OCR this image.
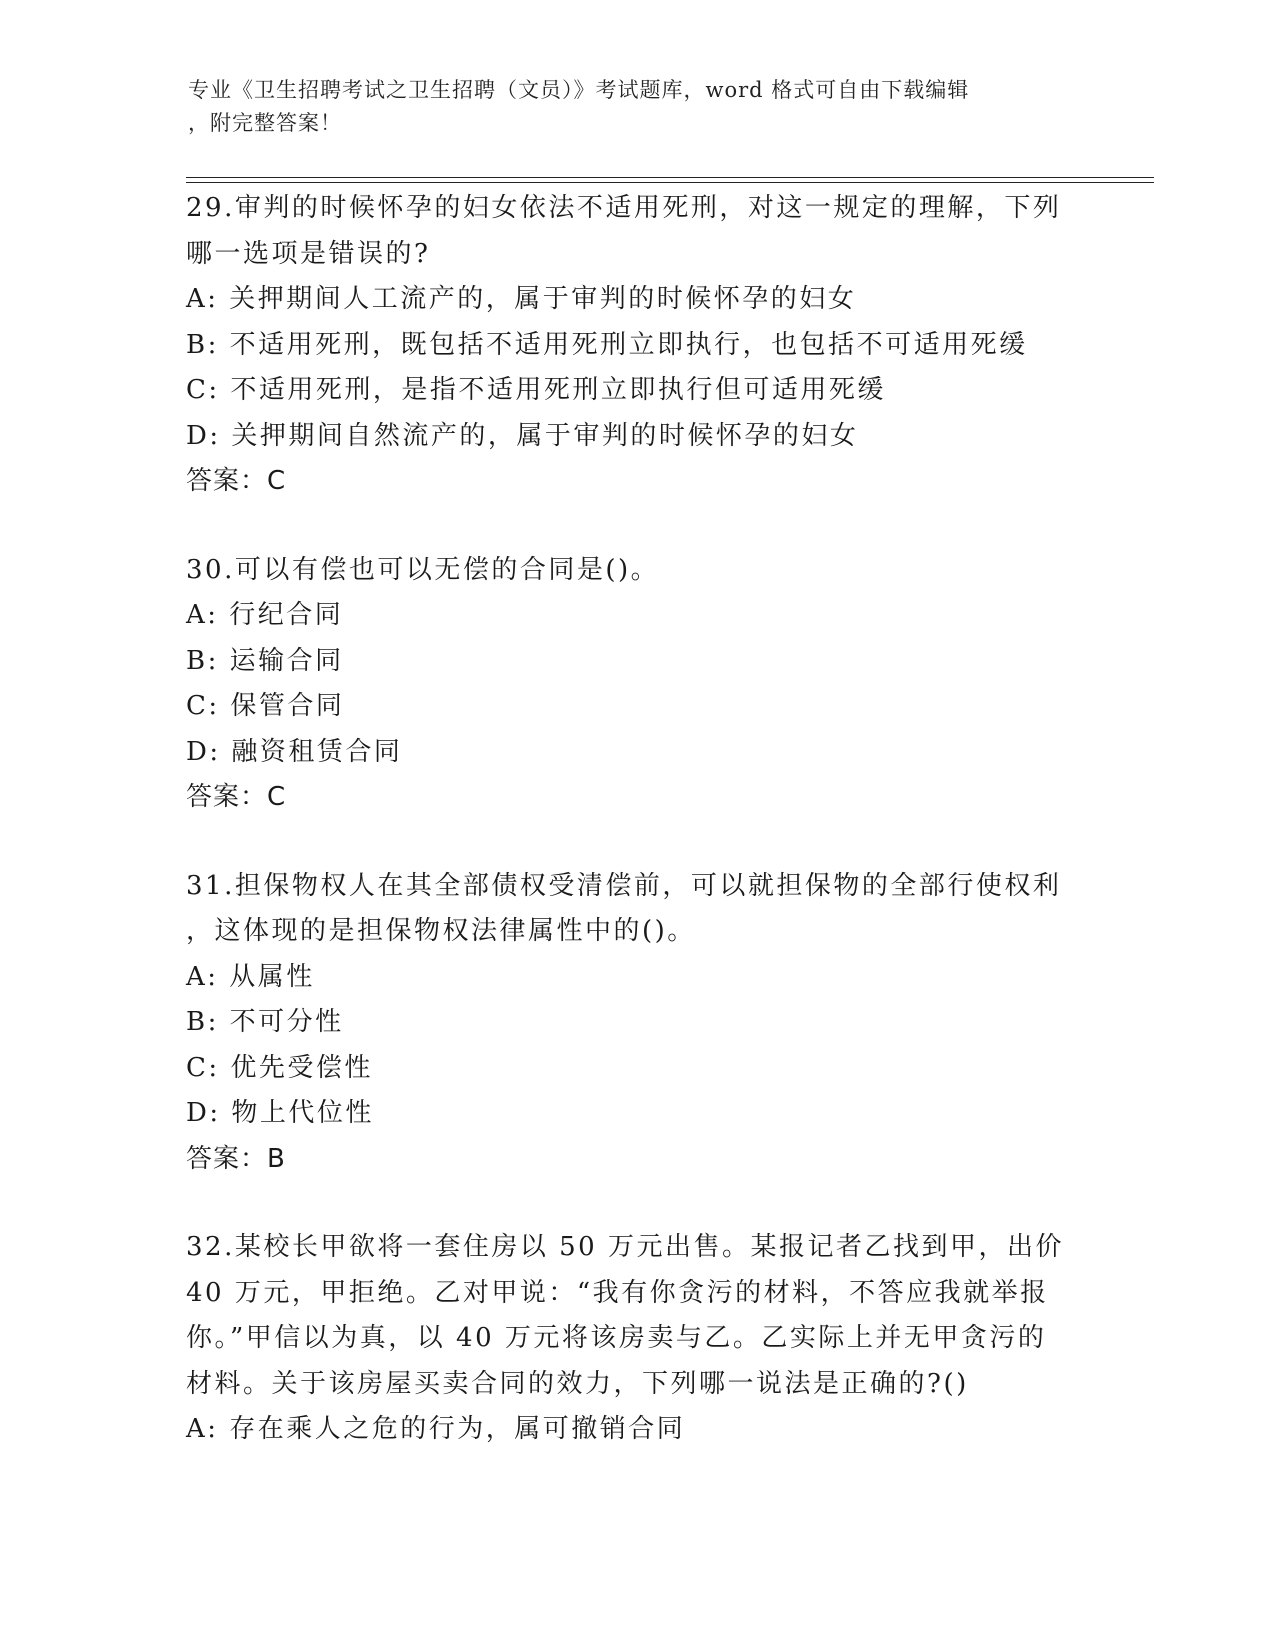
专业《卫生招聘考试之卫生招聘（文员）》考试题库，word 格式可自由下载编辑
，附完整答案！
29.审判的时候怀孕的妇女依法不适用死刑，对这一规定的理解，下列
哪一选项是错误的?
A: 关押期间人工流产的，属于审判的时候怀孕的妇女
B: 不适用死刑，既包括不适用死刑立即执行，也包括不可适用死缓
C: 不适用死刑，是指不适用死刑立即执行但可适用死缓
D: 关押期间自然流产的，属于审判的时候怀孕的妇女
答案：C
30.可以有偿也可以无偿的合同是()。
A: 行纪合同
B: 运输合同
C: 保管合同
D: 融资租赁合同
答案：C
31.担保物权人在其全部债权受清偿前，可以就担保物的全部行使权利
，这体现的是担保物权法律属性中的()。
A: 从属性
B: 不可分性
C: 优先受偿性
D: 物上代位性
答案：B
32.某校长甲欲将一套住房以 50 万元出售。某报记者乙找到甲，出价
40 万元，甲拒绝。乙对甲说：“我有你贪污的材料，不答应我就举报
你。”甲信以为真，以 40 万元将该房卖与乙。乙实际上并无甲贪污的
材料。关于该房屋买卖合同的效力，下列哪一说法是正确的?()
A: 存在乘人之危的行为，属可撤销合同
